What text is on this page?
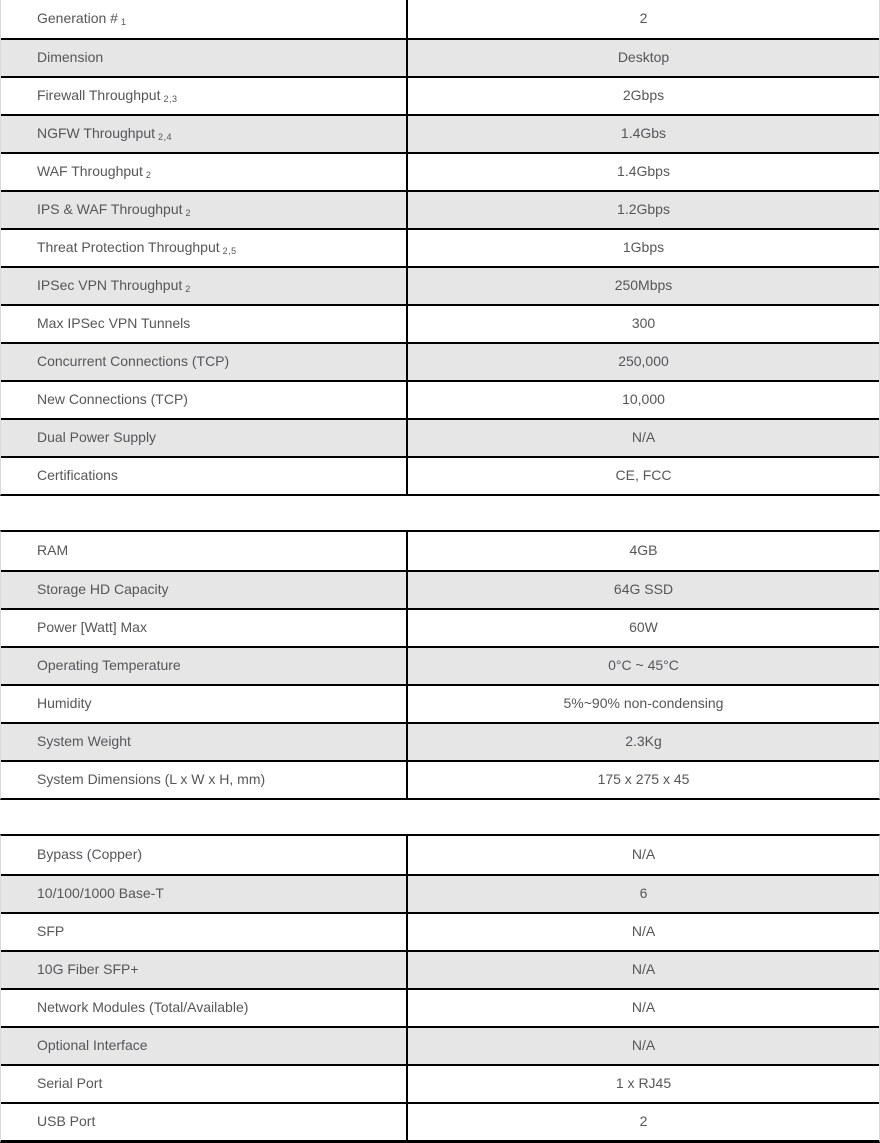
Generation # 1	2
Dimension	Desktop
Firewall Throughput 2,3	2Gbps
NGFW Throughput 2,4	1.4Gbs
WAF Throughput 2	1.4Gbps
IPS & WAF Throughput 2	1.2Gbps
Threat Protection Throughput 2,5	1Gbps
IPSec VPN Throughput 2	250Mbps
Max IPSec VPN Tunnels	300
Concurrent Connections (TCP)	250,000
New Connections (TCP)	10,000
Dual Power Supply	N/A
Certifications	CE, FCC
RAM	4GB
Storage HD Capacity	64G SSD
Power [Watt] Max	60W
Operating Temperature	0°C ~ 45°C
Humidity	5%~90% non-condensing
System Weight	2.3Kg
System Dimensions (L x W x H, mm)	175 x 275 x 45
Bypass (Copper)	N/A
10/100/1000 Base-T	6
SFP	N/A
10G Fiber SFP+	N/A
Network Modules (Total/Available)	N/A
Optional Interface	N/A
Serial Port	1 x RJ45
USB Port	2
